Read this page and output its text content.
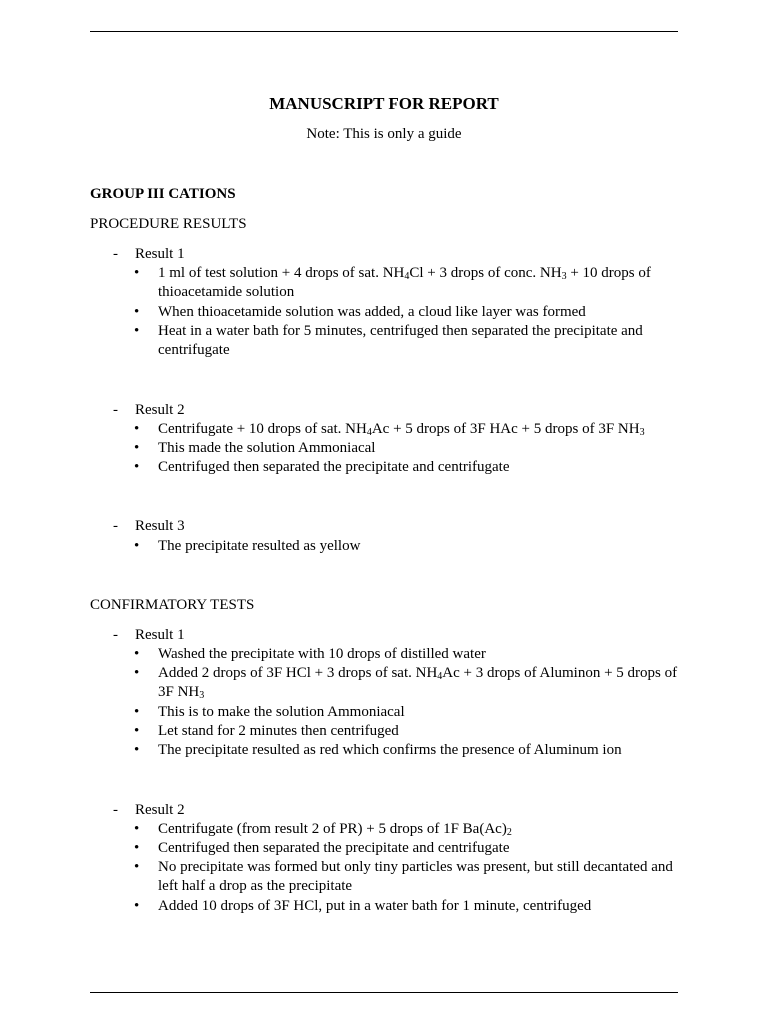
MANUSCRIPT FOR REPORT
Note: This is only a guide
GROUP III CATIONS
PROCEDURE RESULTS
- Result 1
• 1 ml of test solution + 4 drops of sat. $NH_4Cl + 3$ drops of conc. $NH_3 + 10$ drops of thioacetamide solution
• When thioacetamide solution was added, a cloud like layer was formed
• Heat in a water bath for 5 minutes, centrifuged then separated the precipitate and centrifugate
- Result 2
• Centrifugate + 10 drops of sat. $NH_4Ac + 5$ drops of 3F HAc + 5 drops of 3F $NH_3$
• This made the solution Ammoniacal
• Centrifuged then separated the precipitate and centrifugate
- Result 3
• The precipitate resulted as yellow
CONFIRMATORY TESTS
- Result 1
• Washed the precipitate with 10 drops of distilled water
• Added 2 drops of 3F HCl + 3 drops of sat. $NH_4Ac + 3$ drops of Aluminon + 5 drops of 3F $NH_3$
• This is to make the solution Ammoniacal
• Let stand for 2 minutes then centrifuged
• The precipitate resulted as red which confirms the presence of Aluminum ion
- Result 2
• Centrifugate (from result 2 of PR) + 5 drops of 1F $Ba(Ac)_2$
• Centrifuged then separated the precipitate and centrifugate
• No precipitate was formed but only tiny particles was present, but still decantated and left half a drop as the precipitate
• Added 10 drops of 3F HCl, put in a water bath for 1 minute, centrifuged
